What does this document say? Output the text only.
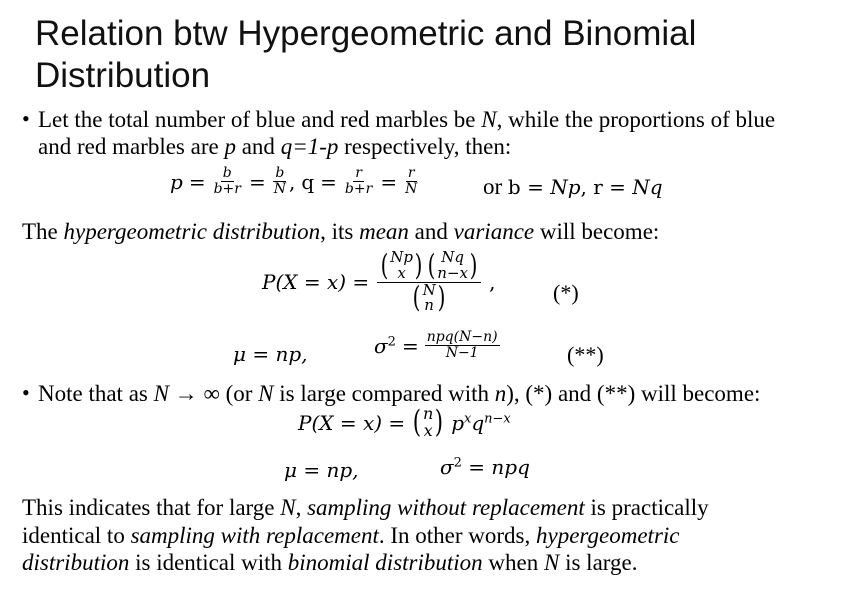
Relation btw Hypergeometric and Binomial
Distribution
• Let the total number of blue and red marbles be N, while the proportions of blue
and red marbles are p and q=1-p respectively, then:
$p = \frac{b}{b+r} = \frac{b}{N}$ , $q = \frac{r}{b+r} = \frac{r}{N}$	or b = Np, r = Nq
The hypergeometric distribution, its mean and variance will become:
P(X = x) = ( Np
x ) ( Nq
n−x )
( N
n ) ,	(*)
μ = np,	$\sigma^2 = \frac{\text{npq(N−n)}}{N-1}$	(**)
• Note that as N → ∞ (or N is large compared with n), (*) and (**) will become:
P(X = x) = ( n
x ) $p^xq^{n-x}$
μ = np,	$\sigma^2$ = npq
This indicates that for large N, sampling without replacement is practically
identical to sampling with replacement. In other words, hypergeometric
distribution is identical with binomial distribution when N is large.
